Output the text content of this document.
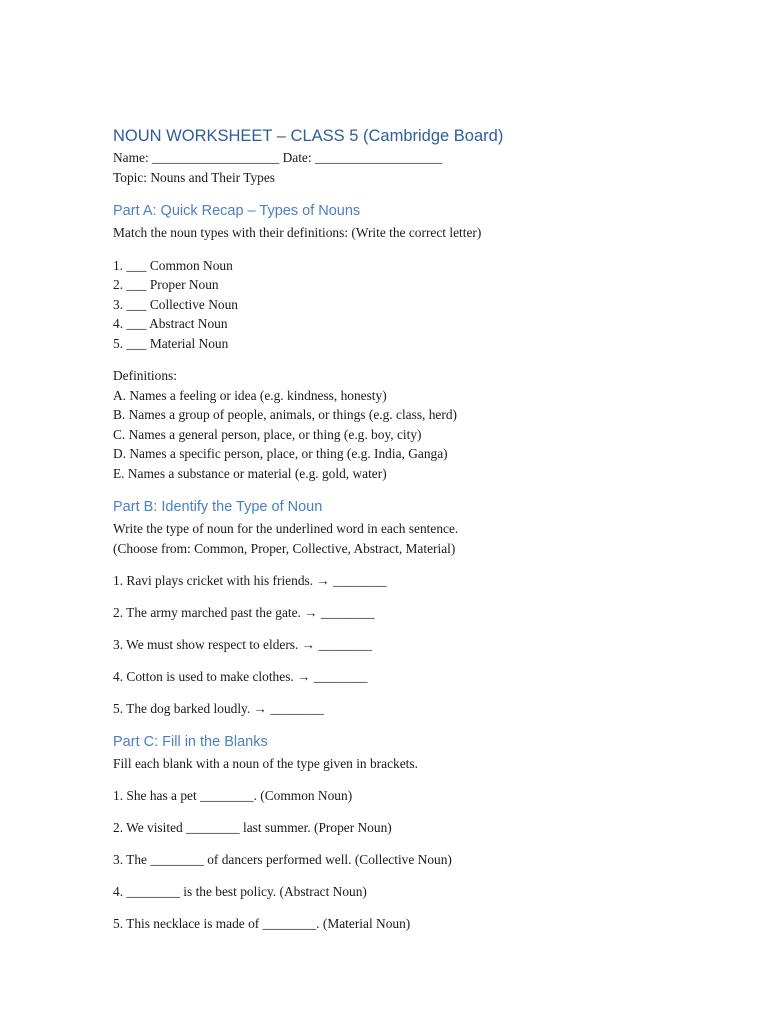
NOUN WORKSHEET – CLASS 5 (Cambridge Board)
Name: ___________________ Date: ___________________
Topic: Nouns and Their Types
Part A: Quick Recap – Types of Nouns
Match the noun types with their definitions: (Write the correct letter)
1. ___ Common Noun
2. ___ Proper Noun
3. ___ Collective Noun
4. ___ Abstract Noun
5. ___ Material Noun
Definitions:
A. Names a feeling or idea (e.g. kindness, honesty)
B. Names a group of people, animals, or things (e.g. class, herd)
C. Names a general person, place, or thing (e.g. boy, city)
D. Names a specific person, place, or thing (e.g. India, Ganga)
E. Names a substance or material (e.g. gold, water)
Part B: Identify the Type of Noun
Write the type of noun for the underlined word in each sentence.
(Choose from: Common, Proper, Collective, Abstract, Material)
1. Ravi plays cricket with his friends. → ________
2. The army marched past the gate. → ________
3. We must show respect to elders. → ________
4. Cotton is used to make clothes. → ________
5. The dog barked loudly. → ________
Part C: Fill in the Blanks
Fill each blank with a noun of the type given in brackets.
1. She has a pet ________. (Common Noun)
2. We visited ________ last summer. (Proper Noun)
3. The ________ of dancers performed well. (Collective Noun)
4. ________ is the best policy. (Abstract Noun)
5. This necklace is made of ________. (Material Noun)
